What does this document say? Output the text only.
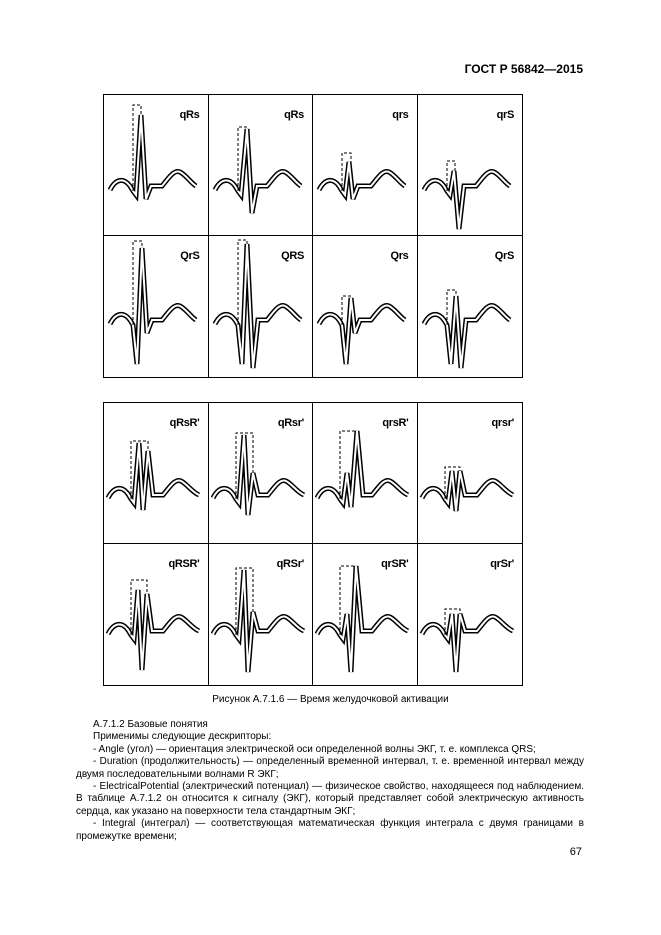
ГОСТ Р 56842—2015
qRs	qRs	qrs	qrS
QrS	QRS	Qrs	QrS
qRsR'	qRsr'	qrsR'	qrsr'
qRSR'	qRSr'	qrSR'	qrSr'
Рисунок А.7.1.6 — Время желудочковой активации

А.7.1.2 Базовые понятия

Применимы следующие дескрипторы:

- Angle (угол) — ориентация электрической оси определенной волны ЭКГ, т. е. комплекса QRS;

- Duration (продолжительность) — определенный временной интервал, т. е. временной интервал между двумя последовательными волнами R ЭКГ;

- ElectricalPotential (электрический потенциал) — физическое свойство, находящееся под наблюдением. В таблице А.7.1.2 он относится к сигналу (ЭКГ), который представляет собой электрическую активность сердца, как указано на поверхности тела стандартным ЭКГ;

- Integral (интеграл) — соответствующая математическая функция интеграла с двумя границами в промежутке времени;

67
